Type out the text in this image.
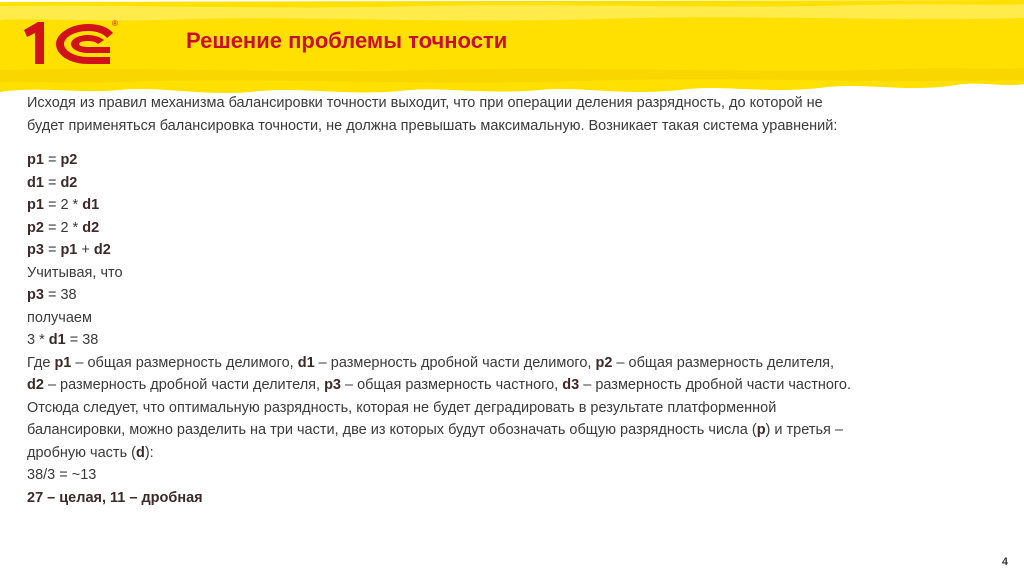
®
Решение проблемы точности

Исходя из правил механизма балансировки точности выходит, что при операции деления разрядность, до которой не

будет применяться балансировка точности, не должна превышать максимальную. Возникает такая система уравнений:

p1 = p2

d1 = d2

p1 = 2 * d1

p2 = 2 * d2

p3 = p1 + d2

Учитывая, что

p3 = 38

получаем

3 * d1 = 38

Где p1 – общая размерность делимого, d1 – размерность дробной части делимого, p2 – общая размерность делителя,

d2 – размерность дробной части делителя, p3 – общая размерность частного, d3 – размерность дробной части частного.

Отсюда следует, что оптимальную разрядность, которая не будет деградировать в результате платформенной

балансировки, можно разделить на три части, две из которых будут обозначать общую разрядность числа (p) и третья –

дробную часть (d):

38/3 = ~13

27 – целая, 11 – дробная

4
